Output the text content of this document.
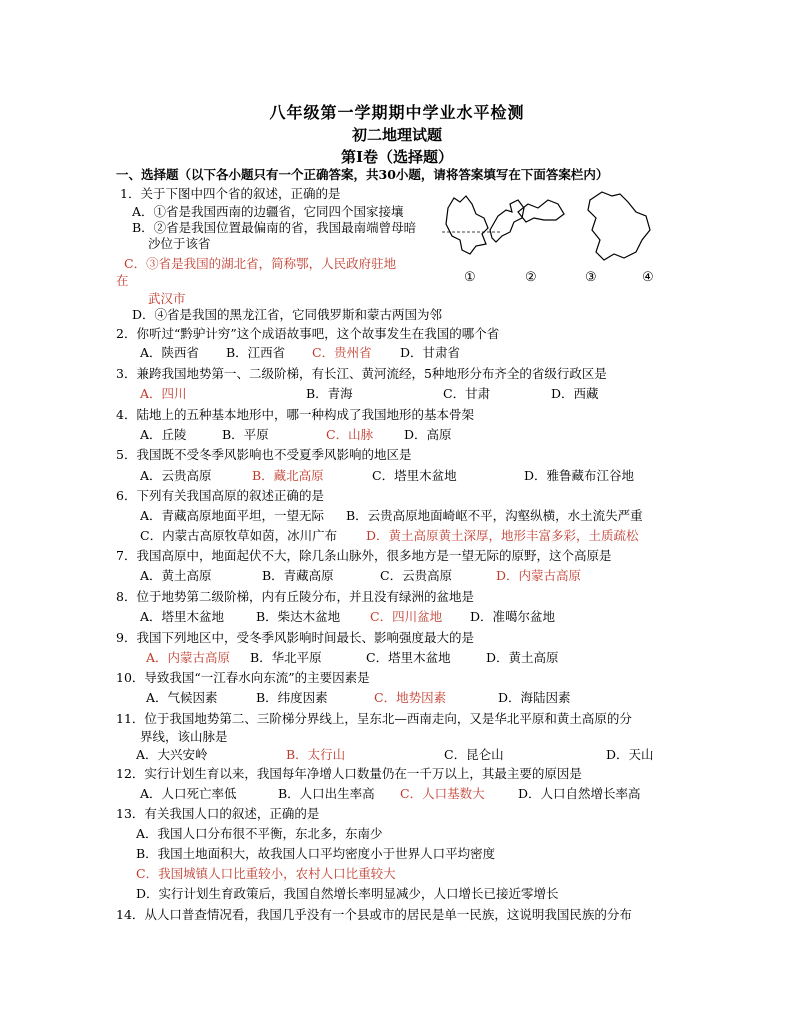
八年级第一学期期中学业水平检测
初二地理试题
第Ⅰ卷（选择题）
一、选择题（以下各小题只有一个正确答案，共30小题，请将答案填写在下面答案栏内）
1．关于下图中四个省的叙述，正确的是
A．①省是我国西南的边疆省，它同四个国家接壤
B．②省是我国位置最偏南的省，我国最南端曾母暗
沙位于该省
C．③省是我国的湖北省，简称鄂，人民政府驻地
在
武汉市
D．④省是我国的黑龙江省，它同俄罗斯和蒙古两国为邻
①	②	③	④
2．你听过“黔驴计穷”这个成语故事吧，这个故事发生在我国的哪个省
A．陕西省 B．江西省 C．贵州省 D．甘肃省
3．兼跨我国地势第一、二级阶梯，有长江、黄河流经，5种地形分布齐全的省级行政区是
A．四川	B．青海	C．甘肃	D．西藏
4．陆地上的五种基本地形中，哪一种构成了我国地形的基本骨架
A．丘陵	B．平原	C．山脉 D．高原
5．我国既不受冬季风影响也不受夏季风影响的地区是
A．云贵高原	B．藏北高原	C．塔里木盆地	D．雅鲁藏布江谷地
6．下列有关我国高原的叙述正确的是
A．青藏高原地面平坦，一望无际 B．云贵高原地面崎岖不平，沟壑纵横，水土流失严重
C．内蒙古高原牧草如茵，冰川广布 D．黄土高原黄土深厚，地形丰富多彩，土质疏松
7．我国高原中，地面起伏不大，除几条山脉外，很多地方是一望无际的原野，这个高原是
A．黄土高原	B．青藏高原	C．云贵高原	D．内蒙古高原
8．位于地势第二级阶梯，内有丘陵分布，并且没有绿洲的盆地是
A．塔里木盆地	B．柴达木盆地 C．四川盆地 D．准噶尔盆地
9．我国下列地区中，受冬季风影响时间最长、影响强度最大的是
A．内蒙古高原 B．华北平原	C．塔里木盆地	D．黄土高原
10．导致我国“一江春水向东流”的主要因素是
A．气候因素	B．纬度因素	C．地势因素	D．海陆因素
11．位于我国地势第二、三阶梯分界线上，呈东北—西南走向，又是华北平原和黄土高原的分
界线，该山脉是
A．大兴安岭	B．太行山	C．昆仑山	D．天山
12．实行计划生育以来，我国每年净增人口数量仍在一千万以上，其最主要的原因是
A．人口死亡率低	B．人口出生率高 C．人口基数大	D．人口自然增长率高
13．有关我国人口的叙述，正确的是
A．我国人口分布很不平衡，东北多，东南少
B．我国土地面积大，故我国人口平均密度小于世界人口平均密度
C．我国城镇人口比重较小，农村人口比重较大
D．实行计划生育政策后，我国自然增长率明显减少，人口增长已接近零增长
14．从人口普查情况看，我国几乎没有一个县或市的居民是单一民族，这说明我国民族的分布
